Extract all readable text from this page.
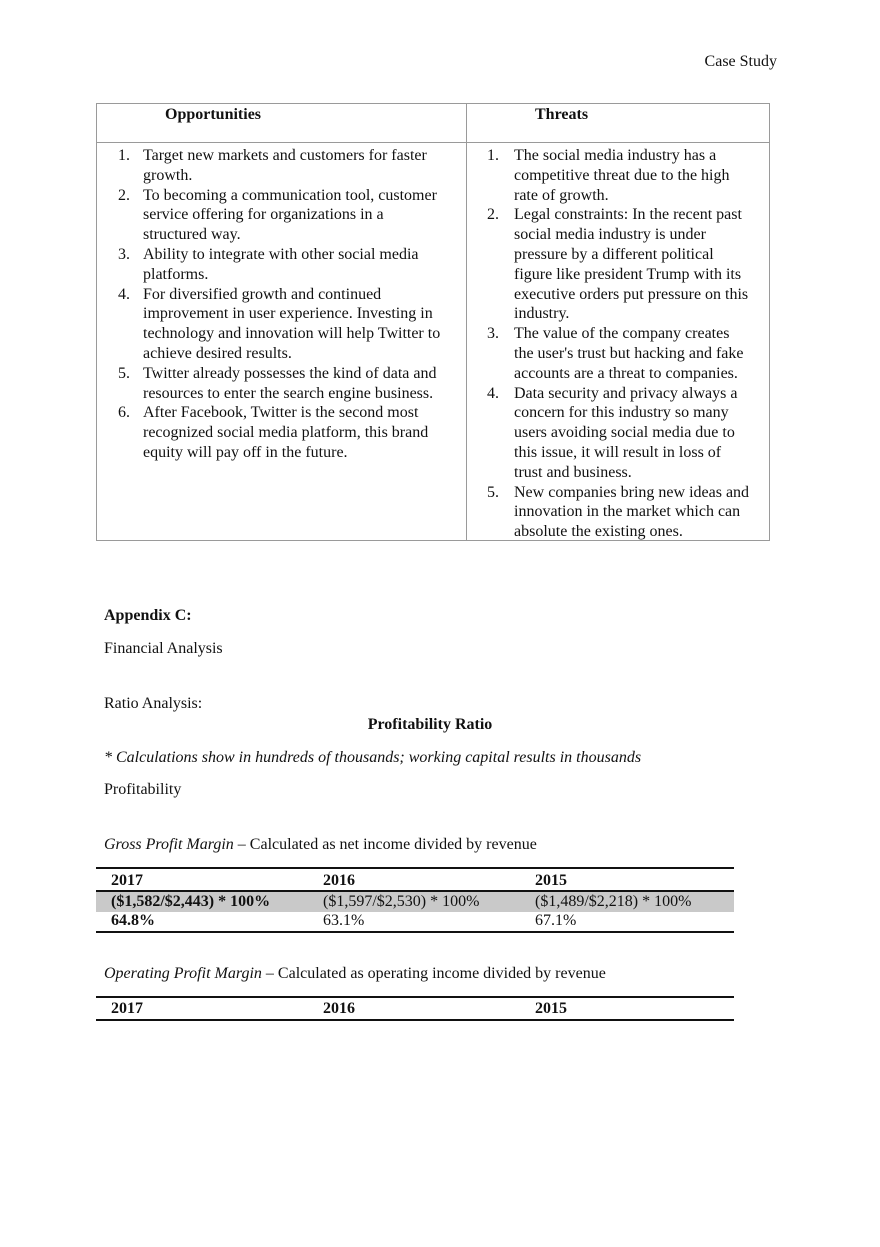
Case Study
Opportunities	Threats
1. Target new markets and customers for faster
growth.
2. To becoming a communication tool, customer
service offering for organizations in a
structured way.
3. Ability to integrate with other social media
platforms.
4. For diversified growth and continued
improvement in user experience. Investing in
technology and innovation will help Twitter to
achieve desired results.
5. Twitter already possesses the kind of data and
resources to enter the search engine business.
6. After Facebook, Twitter is the second most
recognized social media platform, this brand
equity will pay off in the future.
1. The social media industry has a
competitive threat due to the high
rate of growth.
2. Legal constraints: In the recent past
social media industry is under
pressure by a different political
figure like president Trump with its
executive orders put pressure on this
industry.
3. The value of the company creates
the user's trust but hacking and fake
accounts are a threat to companies.
4. Data security and privacy always a
concern for this industry so many
users avoiding social media due to
this issue, it will result in loss of
trust and business.
5. New companies bring new ideas and
innovation in the market which can
absolute the existing ones.
Appendix C:
Financial Analysis
Ratio Analysis:
Profitability Ratio
* Calculations show in hundreds of thousands; working capital results in thousands
Profitability
Gross Profit Margin – Calculated as net income divided by revenue
2017	2016	2015
($1,582/$2,443) * 100%	($1,597/$2,530) * 100%	($1,489/$2,218) * 100%
64.8%	63.1%	67.1%
Operating Profit Margin – Calculated as operating income divided by revenue
2017	2016	2015
